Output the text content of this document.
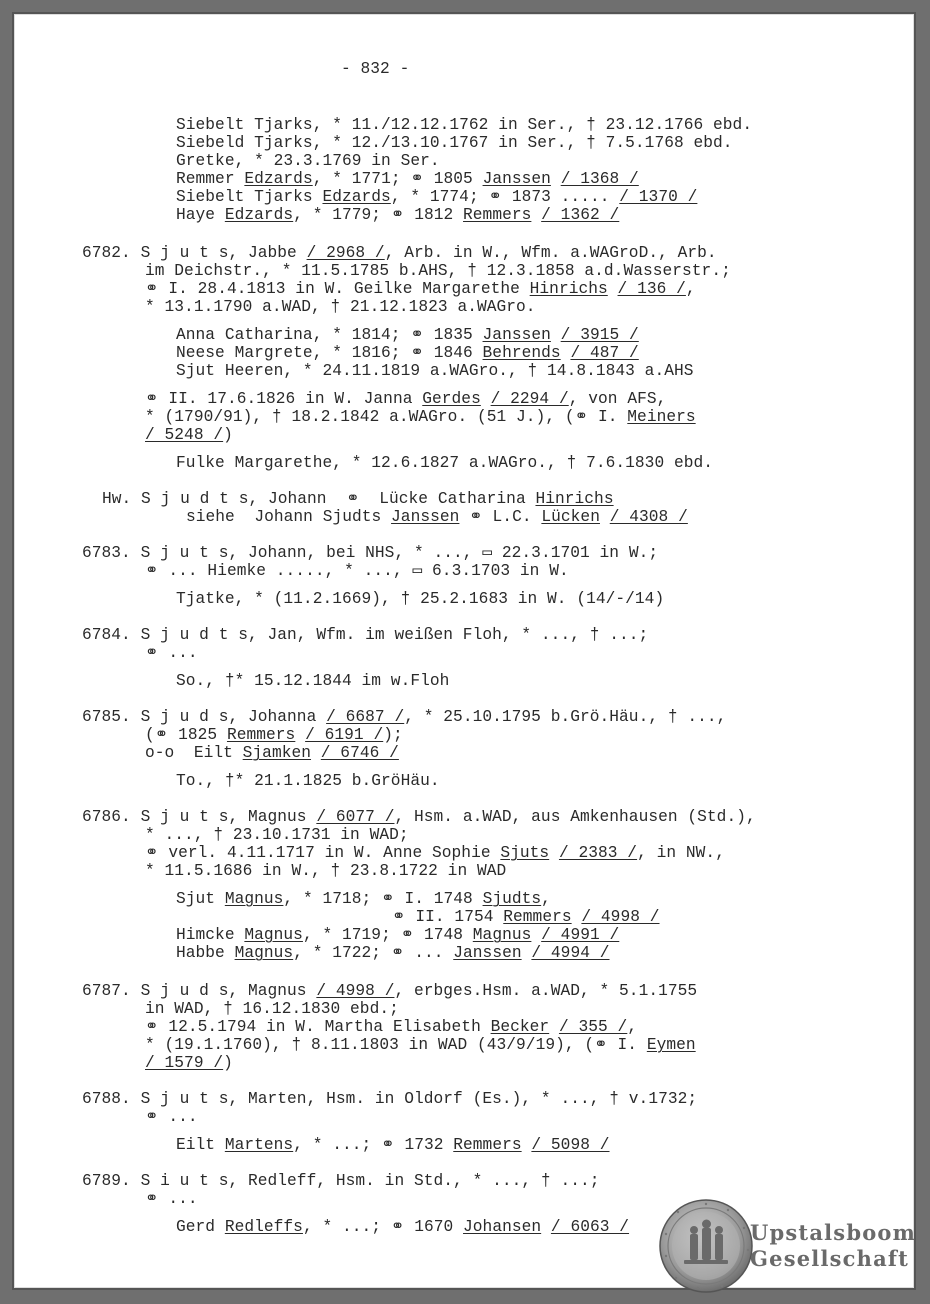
- 832 -
Siebelt Tjarks, * 11./12.12.1762 in Ser., † 23.12.1766 ebd.
Siebeld Tjarks, * 12./13.10.1767 in Ser., † 7.5.1768 ebd.
Gretke, * 23.3.1769 in Ser.
Remmer Edzards, * 1771; ⚭ 1805 Janssen / 1368 /
Siebelt Tjarks Edzards, * 1774; ⚭ 1873 ..... / 1370 /
Haye Edzards, * 1779; ⚭ 1812 Remmers / 1362 /
6782. S j u t s, Jabbe / 2968 /, Arb. in W., Wfm. a.WAGroD., Arb.
im Deichstr., * 11.5.1785 b.AHS, † 12.3.1858 a.d.Wasserstr.;
⚭ I. 28.4.1813 in W. Geilke Margarethe Hinrichs / 136 /,
* 13.1.1790 a.WAD, † 21.12.1823 a.WAGro.
Anna Catharina, * 1814; ⚭ 1835 Janssen / 3915 /
Neese Margrete, * 1816; ⚭ 1846 Behrends / 487 /
Sjut Heeren, * 24.11.1819 a.WAGro., † 14.8.1843 a.AHS
⚭ II. 17.6.1826 in W. Janna Gerdes / 2294 /, von AFS,
* (1790/91), † 18.2.1842 a.WAGro. (51 J.), (⚭ I. Meiners
/ 5248 /)
Fulke Margarethe, * 12.6.1827 a.WAGro., † 7.6.1830 ebd.
Hw. S j u d t s, Johann  ⚭  Lücke Catharina Hinrichs
siehe  Johann Sjudts Janssen ⚭ L.C. Lücken / 4308 /
6783. S j u t s, Johann, bei NHS, * ..., ▭ 22.3.1701 in W.;
⚭ ... Hiemke ....., * ..., ▭ 6.3.1703 in W.
Tjatke, * (11.2.1669), † 25.2.1683 in W. (14/-/14)
6784. S j u d t s, Jan, Wfm. im weißen Floh, * ..., † ...;
⚭ ...
So., †* 15.12.1844 im w.Floh
6785. S j u d s, Johanna / 6687 /, * 25.10.1795 b.Grö.Häu., † ...,
(⚭ 1825 Remmers / 6191 /);
o-o  Eilt Sjamken / 6746 /
To., †* 21.1.1825 b.GröHäu.
6786. S j u t s, Magnus / 6077 /, Hsm. a.WAD, aus Amkenhausen (Std.),
* ..., † 23.10.1731 in WAD;
⚭ verl. 4.11.1717 in W. Anne Sophie Sjuts / 2383 /, in NW.,
* 11.5.1686 in W., † 23.8.1722 in WAD
Sjut Magnus, * 1718; ⚭ I. 1748 Sjudts,
⚭ II. 1754 Remmers / 4998 /
Himcke Magnus, * 1719; ⚭ 1748 Magnus / 4991 /
Habbe Magnus, * 1722; ⚭ ... Janssen / 4994 /
6787. S j u d s, Magnus / 4998 /, erbges.Hsm. a.WAD, * 5.1.1755
in WAD, † 16.12.1830 ebd.;
⚭ 12.5.1794 in W. Martha Elisabeth Becker / 355 /,
* (19.1.1760), † 8.11.1803 in WAD (43/9/19), (⚭ I. Eymen
/ 1579 /)
6788. S j u t s, Marten, Hsm. in Oldorf (Es.), * ..., † v.1732;
⚭ ...
Eilt Martens, * ...; ⚭ 1732 Remmers / 5098 /
6789. S i u t s, Redleff, Hsm. in Std., * ..., † ...;
⚭ ...
Gerd Redleffs, * ...; ⚭ 1670 Johansen / 6063 /	Upstalsboom
Gesellschaft
